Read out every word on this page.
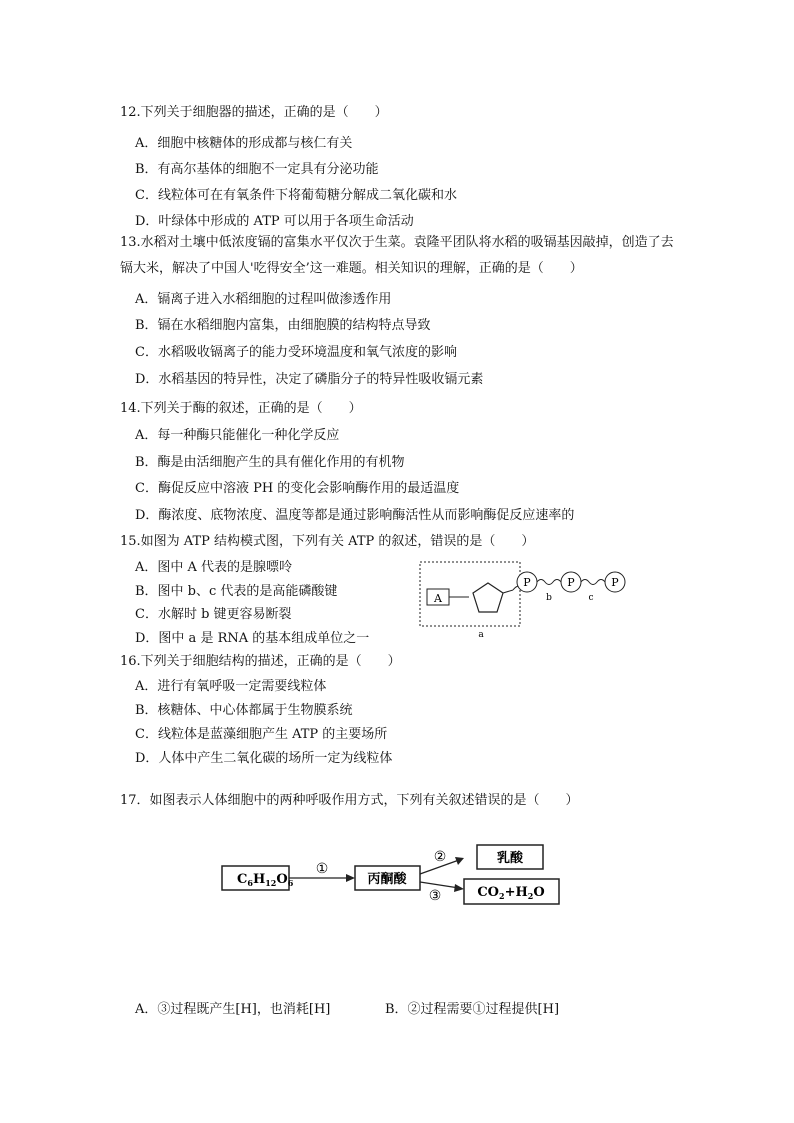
12.下列关于细胞器的描述，正确的是（　　）
A．细胞中核糖体的形成都与核仁有关
B．有高尔基体的细胞不一定具有分泌功能
C．线粒体可在有氧条件下将葡萄糖分解成二氧化碳和水
D．叶绿体中形成的 ATP 可以用于各项生命活动
13.水稻对土壤中低浓度镉的富集水平仅次于生菜。袁隆平团队将水稻的吸镉基因敲掉，创造了去镉大米，解决了中国人'吃得安全’这一难题。相关知识的理解，正确的是（　　）
A．镉离子进入水稻细胞的过程叫做渗透作用
B．镉在水稻细胞内富集，由细胞膜的结构特点导致
C．水稻吸收镉离子的能力受环境温度和氧气浓度的影响
D．水稻基因的特异性，决定了磷脂分子的特异性吸收镉元素
14.下列关于酶的叙述，正确的是（　　）
A．每一种酶只能催化一种化学反应
B．酶是由活细胞产生的具有催化作用的有机物
C．酶促反应中溶液 PH 的变化会影响酶作用的最适温度
D．酶浓度、底物浓度、温度等都是通过影响酶活性从而影响酶促反应速率的
15.如图为 ATP 结构模式图，下列有关 ATP 的叙述，错误的是（　　）
A．图中 A 代表的是腺嘌呤
B．图中 b、c 代表的是高能磷酸键
C．水解时 b 键更容易断裂
D．图中 a 是 RNA 的基本组成单位之一
A
P	P	P
b	c
a
16.下列关于细胞结构的描述，正确的是（　　）
A．进行有氧呼吸一定需要线粒体
B．核糖体、中心体都属于生物膜系统
C．线粒体是蓝藻细胞产生 ATP 的主要场所
D．人体中产生二氧化碳的场所一定为线粒体
17．如图表示人体细胞中的两种呼吸作用方式，下列有关叙述错误的是（　　）
$C_6H_{12}O_6$
①
丙酮酸
②
③
乳酸
$CO_2+H_2O$
A．③过程既产生[H]，也消耗[H]	B．②过程需要①过程提供[H]
